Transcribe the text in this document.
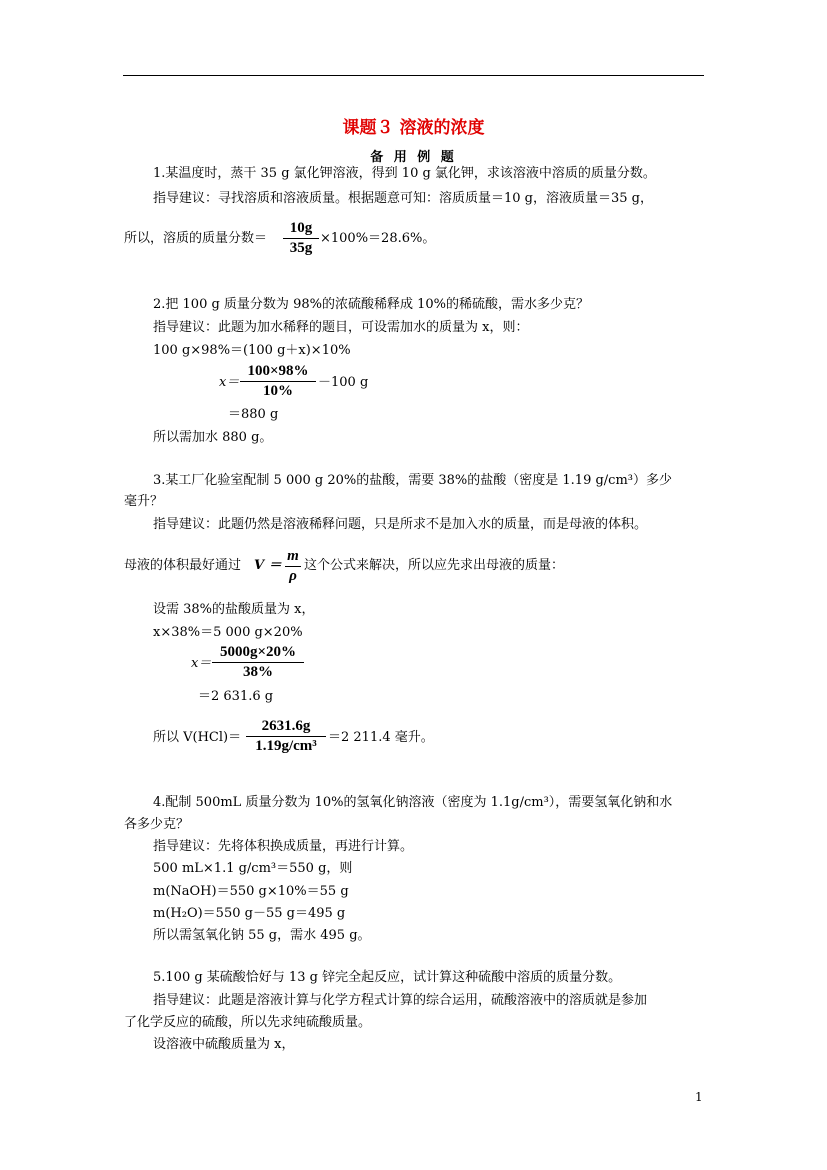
课题３ 溶液的浓度
备 用 例 题
1.某温度时，蒸干 35 g 氯化钾溶液，得到 10 g 氯化钾，求该溶液中溶质的质量分数。
指导建议：寻找溶质和溶液质量。根据题意可知：溶质质量＝10 g，溶液质量＝35 g，
所以，溶质的质量分数＝
10g
35g
×100%＝28.6%。
2.把 100 g 质量分数为 98%的浓硫酸稀释成 10%的稀硫酸，需水多少克？
指导建议：此题为加水稀释的题目，可设需加水的质量为 x，则：
100 g×98%＝(100 g＋x)×10%
x＝
100×98%
10%
－100 g
＝880 g
所以需加水 880 g。
3.某工厂化验室配制 5 000 g 20%的盐酸，需要 38%的盐酸（密度是 1.19 g/cm³）多少
毫升？
指导建议：此题仍然是溶液稀释问题，只是所求不是加入水的质量，而是母液的体积。
母液的体积最好通过 V ＝
m
ρ
这个公式来解决，所以应先求出母液的质量：
设需 38%的盐酸质量为 x，
x×38%＝5 000 g×20%
x＝
5000g×20%
38%
＝2 631.6 g
所以 V(HCl)＝
2631.6g
1.19g/cm³
＝2 211.4 毫升。
4.配制 500mL 质量分数为 10%的氢氧化钠溶液（密度为 1.1g/cm³），需要氢氧化钠和水
各多少克？
指导建议：先将体积换成质量，再进行计算。
500 mL×1.1 g/cm³＝550 g，则
m(NaOH)＝550 g×10%＝55 g
m(H₂O)＝550 g－55 g＝495 g
所以需氢氧化钠 55 g，需水 495 g。
5.100 g 某硫酸恰好与 13 g 锌完全起反应，试计算这种硫酸中溶质的质量分数。
指导建议：此题是溶液计算与化学方程式计算的综合运用，硫酸溶液中的溶质就是参加
了化学反应的硫酸，所以先求纯硫酸质量。
设溶液中硫酸质量为 x，
1
